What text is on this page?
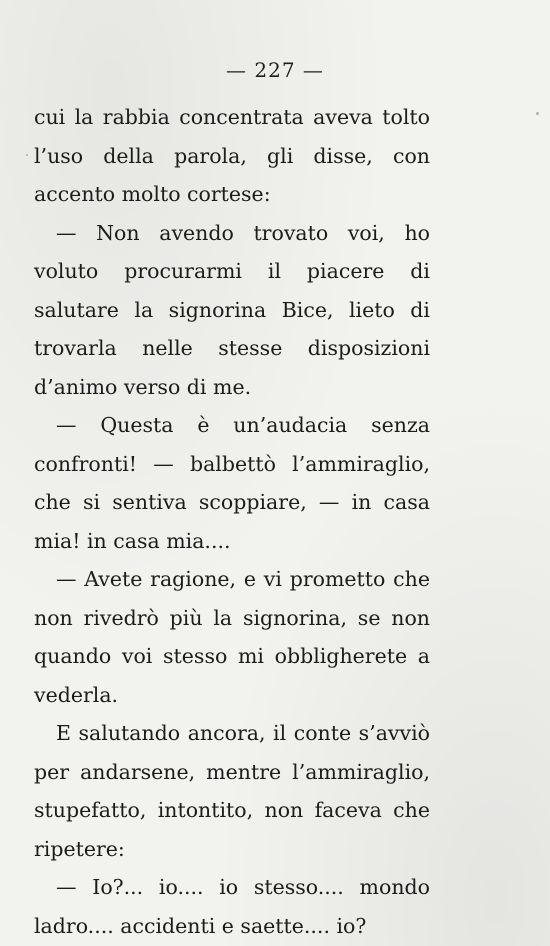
— 227 —

cui la rabbia concentrata aveva tolto l’uso della parola, gli disse, con accento molto cortese:

— Non avendo trovato voi, ho voluto procurarmi il piacere di salutare la signorina Bice, lieto di trovarla nelle stesse disposizioni d’animo verso di me.

— Questa è un’audacia senza confronti! — balbettò l’ammiraglio, che si sentiva scoppiare, — in casa mia! in casa mia....

— Avete ragione, e vi prometto che non rivedrò più la signorina, se non quando voi stesso mi obbligherete a vederla.

E salutando ancora, il conte s’avviò per andarsene, mentre l’ammiraglio, stupefatto, intontito, non faceva che ripetere:

— Io?... io.... io stesso.... mondo ladro.... accidenti e saette.... io?
